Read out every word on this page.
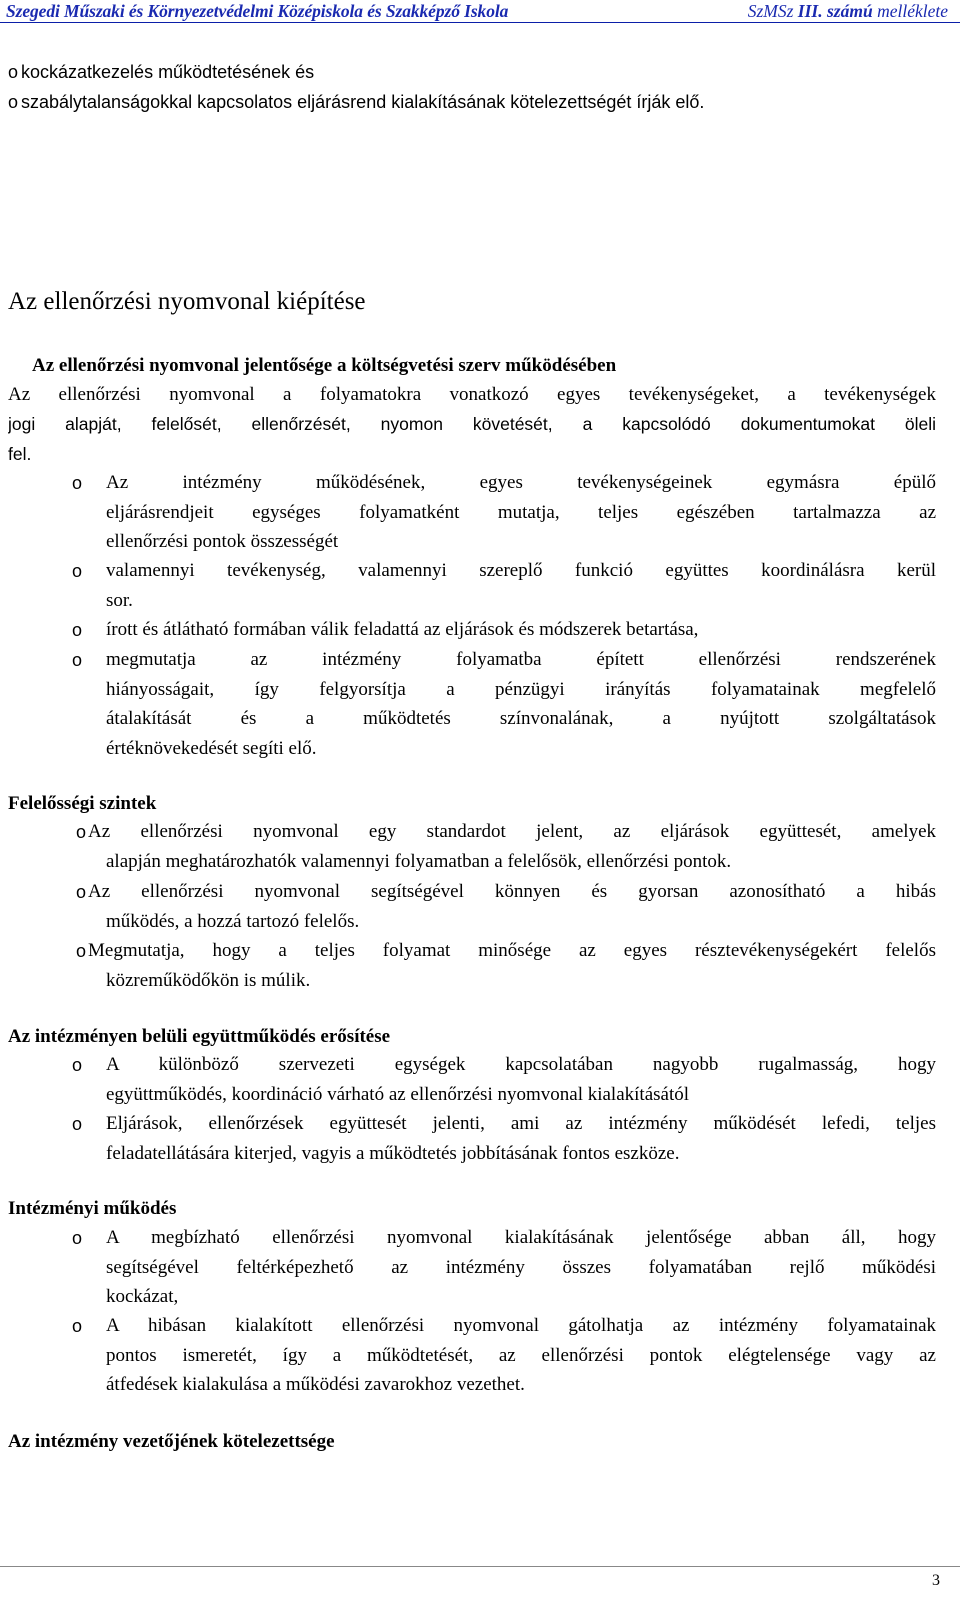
Szegedi Műszaki és Környezetvédelmi Középiskola és Szakképző Iskola	SzMSz III. számú melléklete
o kockázatkezelés működtetésének és
o szabálytalanságokkal kapcsolatos eljárásrend kialakításának kötelezettségét írják elő.
Az ellenőrzési nyomvonal kiépítése
Az ellenőrzési nyomvonal jelentősége a költségvetési szerv működésében
Az ellenőrzési nyomvonal a folyamatokra vonatkozó egyes tevékenységeket, a tevékenységek
jogi alapját, felelősét, ellenőrzését, nyomon követését, a kapcsolódó dokumentumokat öleli
fel.
o Az intézmény működésének, egyes tevékenységeinek egymásra épülő
eljárásrendjeit egységes folyamatként mutatja, teljes egészében tartalmazza az
ellenőrzési pontok összességét
o valamennyi tevékenység, valamennyi szereplő funkció együttes koordinálásra kerül
sor.
o írott és átlátható formában válik feladattá az eljárások és módszerek betartása,
o megmutatja az intézmény folyamatba épített ellenőrzési rendszerének
hiányosságait, így felgyorsítja a pénzügyi irányítás folyamatainak megfelelő
átalakítását és a működtetés színvonalának, a nyújtott szolgáltatások
értéknövekedését segíti elő.
Felelősségi szintek
o Az ellenőrzési nyomvonal egy standardot jelent, az eljárások együttesét, amelyek
alapján meghatározhatók valamennyi folyamatban a felelősök, ellenőrzési pontok.
o Az ellenőrzési nyomvonal segítségével könnyen és gyorsan azonosítható a hibás
működés, a hozzá tartozó felelős.
o Megmutatja, hogy a teljes folyamat minősége az egyes résztevékenységekért felelős
közreműködőkön is múlik.
Az intézményen belüli együttműködés erősítése
o A különböző szervezeti egységek kapcsolatában nagyobb rugalmasság, hogy
együttműködés, koordináció várható az ellenőrzési nyomvonal kialakításától
o Eljárások, ellenőrzések együttesét jelenti, ami az intézmény működését lefedi, teljes
feladatellátására kiterjed, vagyis a működtetés jobbításának fontos eszköze.
Intézményi működés
o A megbízható ellenőrzési nyomvonal kialakításának jelentősége abban áll, hogy
segítségével feltérképezhető az intézmény összes folyamatában rejlő működési
kockázat,
o A hibásan kialakított ellenőrzési nyomvonal gátolhatja az intézmény folyamatainak
pontos ismeretét, így a működtetését, az ellenőrzési pontok elégtelensége vagy az
átfedések kialakulása a működési zavarokhoz vezethet.
Az intézmény vezetőjének kötelezettsége
3
